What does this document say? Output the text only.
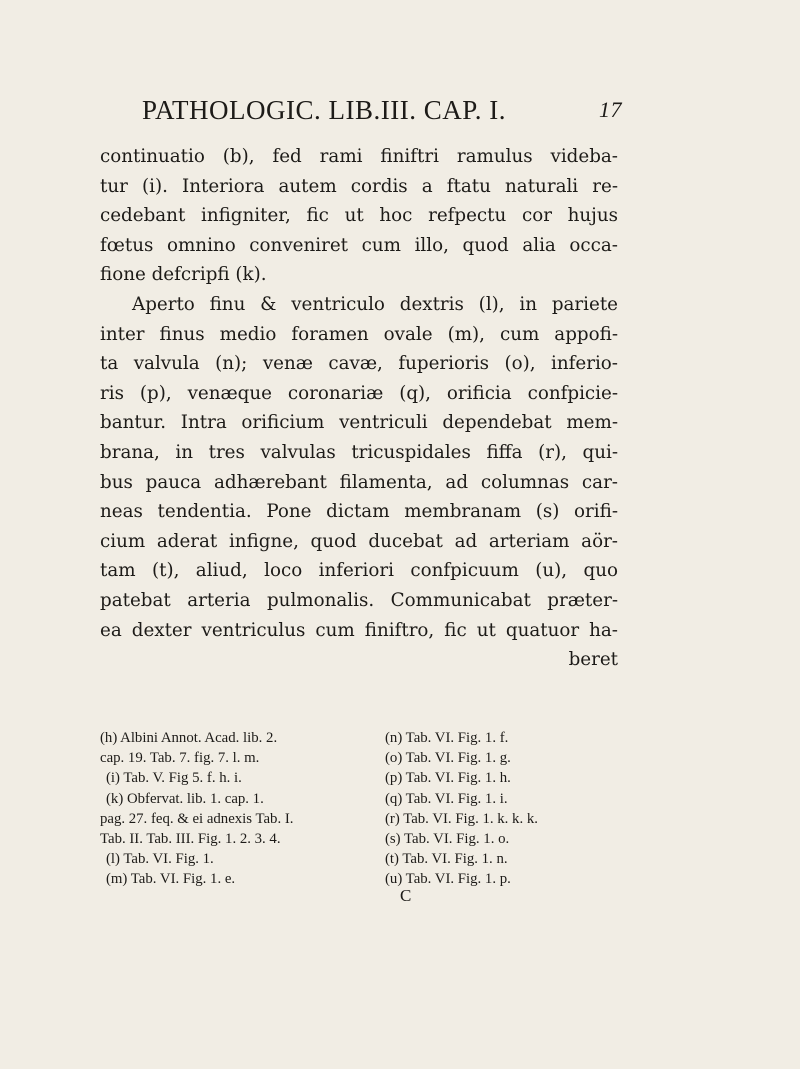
PATHOLOGIC. LIB.III. CAP. I.	17
continuatio (b), fed rami finiftri ramulus videba-
tur (i). Interiora autem cordis a ftatu naturali re-
cedebant infigniter, fic ut hoc refpectu cor hujus
fœtus omnino conveniret cum illo, quod alia occa-
fione defcripfi (k).
Aperto finu & ventriculo dextris (l), in pariete
inter finus medio foramen ovale (m), cum appofi-
ta valvula (n); venæ cavæ, fuperioris (o), inferio-
ris (p), venæque coronariæ (q), orificia confpicie-
bantur. Intra orificium ventriculi dependebat mem-
brana, in tres valvulas tricuspidales fiffa (r), qui-
bus pauca adhærebant filamenta, ad columnas car-
neas tendentia. Pone dictam membranam (s) orifi-
cium aderat infigne, quod ducebat ad arteriam aör-
tam (t), aliud, loco inferiori confpicuum (u), quo
patebat arteria pulmonalis. Communicabat præter-
ea dexter ventriculus cum finiftro, fic ut quatuor ha-
beret
(h) Albini Annot. Acad. lib. 2.
cap. 19. Tab. 7. fig. 7. l. m.
(i) Tab. V. Fig 5. f. h. i.
(k) Obfervat. lib. 1. cap. 1.
pag. 27. feq. & ei adnexis Tab. I.
Tab. II. Tab. III. Fig. 1. 2. 3. 4.
(l) Tab. VI. Fig. 1.
(m) Tab. VI. Fig. 1. e.
(n) Tab. VI. Fig. 1. f.
(o) Tab. VI. Fig. 1. g.
(p) Tab. VI. Fig. 1. h.
(q) Tab. VI. Fig. 1. i.
(r) Tab. VI. Fig. 1. k. k. k.
(s) Tab. VI. Fig. 1. o.
(t) Tab. VI. Fig. 1. n.
(u) Tab. VI. Fig. 1. p.
C
